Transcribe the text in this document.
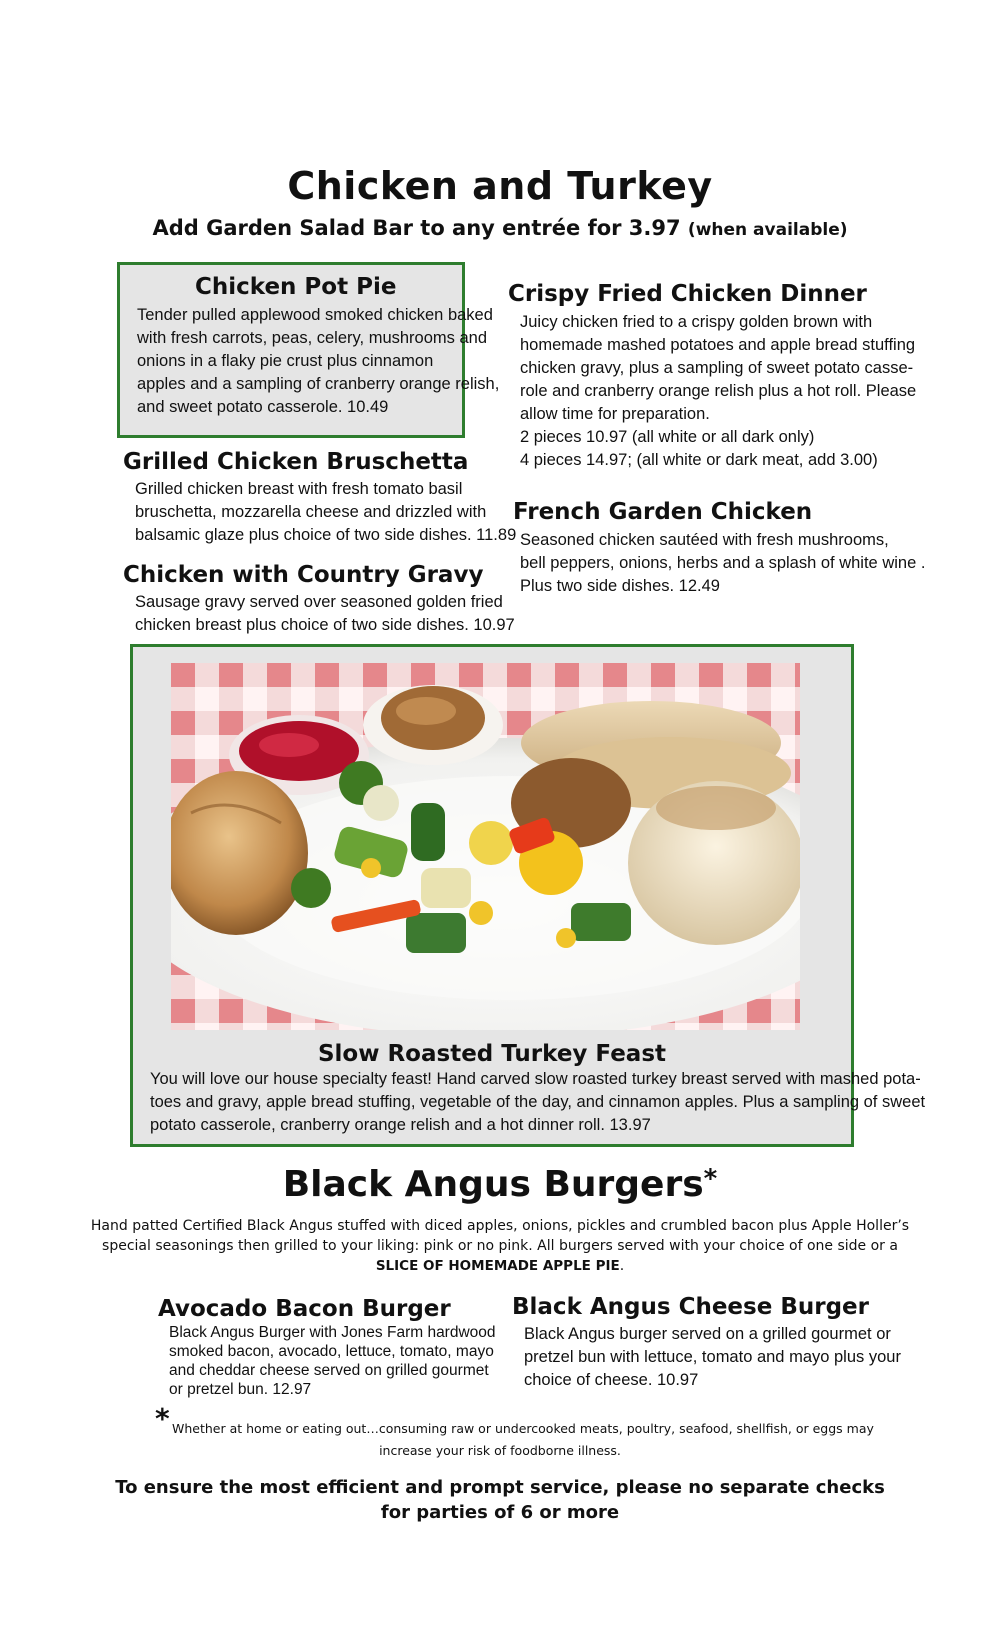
Chicken and Turkey
Add Garden Salad Bar to any entrée for 3.97 (when available)
Chicken Pot Pie
Tender pulled applewood smoked chicken baked
with fresh carrots, peas, celery, mushrooms and
onions in a flaky pie crust plus cinnamon
apples and a sampling of cranberry orange relish,
and sweet potato casserole. 10.49
Crispy Fried Chicken Dinner
Juicy chicken fried to a crispy golden brown with
homemade mashed potatoes and apple bread stuffing
chicken gravy, plus a sampling of sweet potato casse-
role and cranberry orange relish plus a hot roll. Please
allow time for preparation.
2 pieces 10.97 (all white or all dark only)
4 pieces 14.97; (all white or dark meat, add 3.00)
Grilled Chicken Bruschetta
Grilled chicken breast with fresh tomato basil
bruschetta, mozzarella cheese and drizzled with
balsamic glaze plus choice of two side dishes. 11.89
French Garden Chicken
Seasoned chicken sautéed with fresh mushrooms,
bell peppers, onions, herbs and a splash of white wine .
Plus two side dishes. 12.49
Chicken with Country Gravy
Sausage gravy served over seasoned golden fried
chicken breast plus choice of two side dishes. 10.97
Slow Roasted Turkey Feast
You will love our house specialty feast! Hand carved slow roasted turkey breast served with mashed pota-
toes and gravy, apple bread stuffing, vegetable of the day, and cinnamon apples. Plus a sampling of sweet
potato casserole, cranberry orange relish and a hot dinner roll. 13.97
Black Angus Burgers*
Hand patted Certified Black Angus stuffed with diced apples, onions, pickles and crumbled bacon plus Apple Holler’s
special seasonings then grilled to your liking: pink or no pink. All burgers served with your choice of one side or a
SLICE OF HOMEMADE APPLE PIE.
Avocado Bacon Burger
Black Angus Burger with Jones Farm hardwood
smoked bacon, avocado, lettuce, tomato, mayo
and cheddar cheese served on grilled gourmet
or pretzel bun. 12.97
Black Angus Cheese Burger
Black Angus burger served on a grilled gourmet or
pretzel bun with lettuce, tomato and mayo plus your
choice of cheese. 10.97
* Whether at home or eating out…consuming raw or undercooked meats, poultry, seafood, shellfish, or eggs may
increase your risk of foodborne illness.
To ensure the most efficient and prompt service, please no separate checks
for parties of 6 or more
